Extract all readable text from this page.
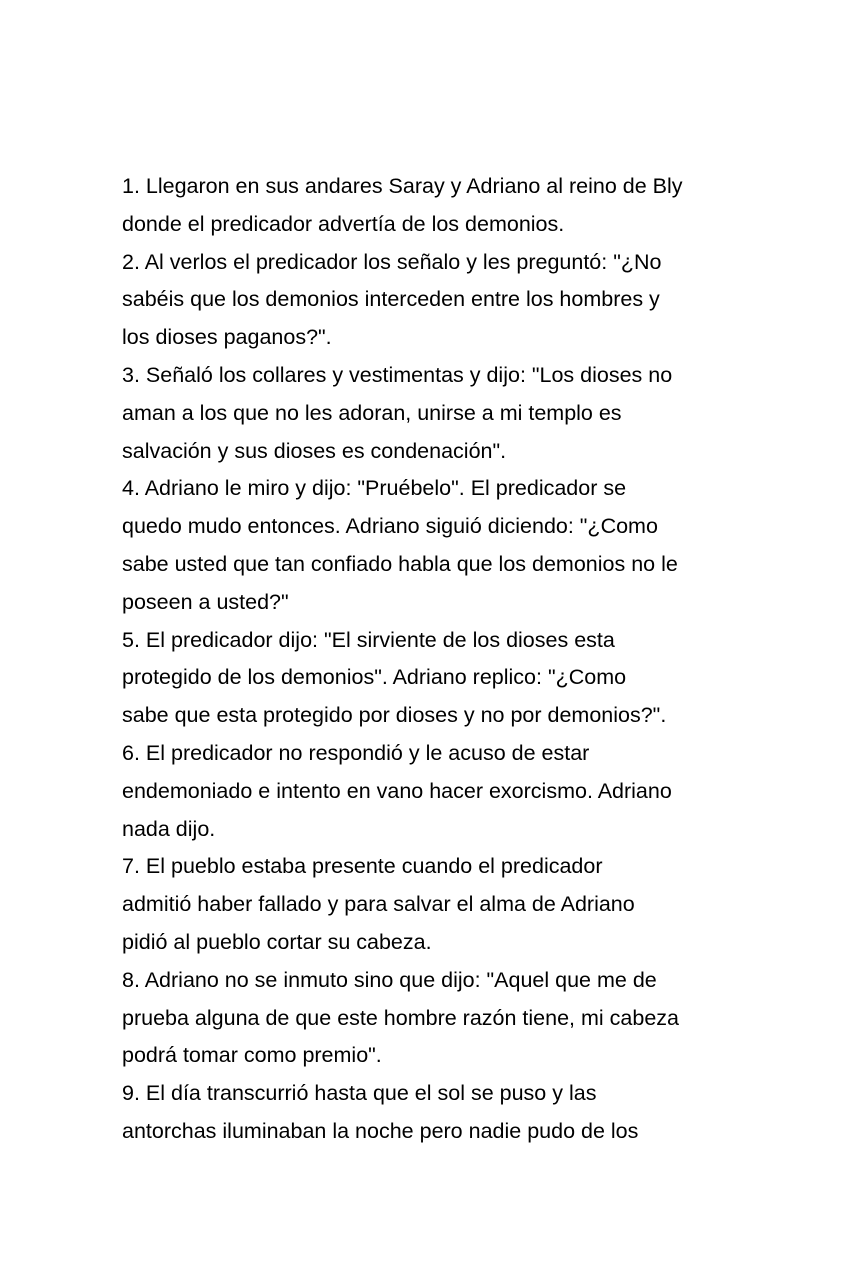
1. Llegaron en sus andares Saray y Adriano al reino de Bly
donde el predicador advertía de los demonios.

2. Al verlos el predicador los señalo y les preguntó: "¿No
sabéis que los demonios interceden entre los hombres y
los dioses paganos?".

3. Señaló los collares y vestimentas y dijo: "Los dioses no
aman a los que no les adoran, unirse a mi templo es
salvación y sus dioses es condenación".

4. Adriano le miro y dijo: "Pruébelo". El predicador se
quedo mudo entonces. Adriano siguió diciendo: "¿Como
sabe usted que tan confiado habla que los demonios no le
poseen a usted?"

5. El predicador dijo: "El sirviente de los dioses esta
protegido de los demonios". Adriano replico: "¿Como
sabe que esta protegido por dioses y no por demonios?".

6. El predicador no respondió y le acuso de estar
endemoniado e intento en vano hacer exorcismo. Adriano
nada dijo.

7. El pueblo estaba presente cuando el predicador
admitió haber fallado y para salvar el alma de Adriano
pidió al pueblo cortar su cabeza.

8. Adriano no se inmuto sino que dijo: "Aquel que me de
prueba alguna de que este hombre razón tiene, mi cabeza
podrá tomar como premio".

9. El día transcurrió hasta que el sol se puso y las
antorchas iluminaban la noche pero nadie pudo de los
